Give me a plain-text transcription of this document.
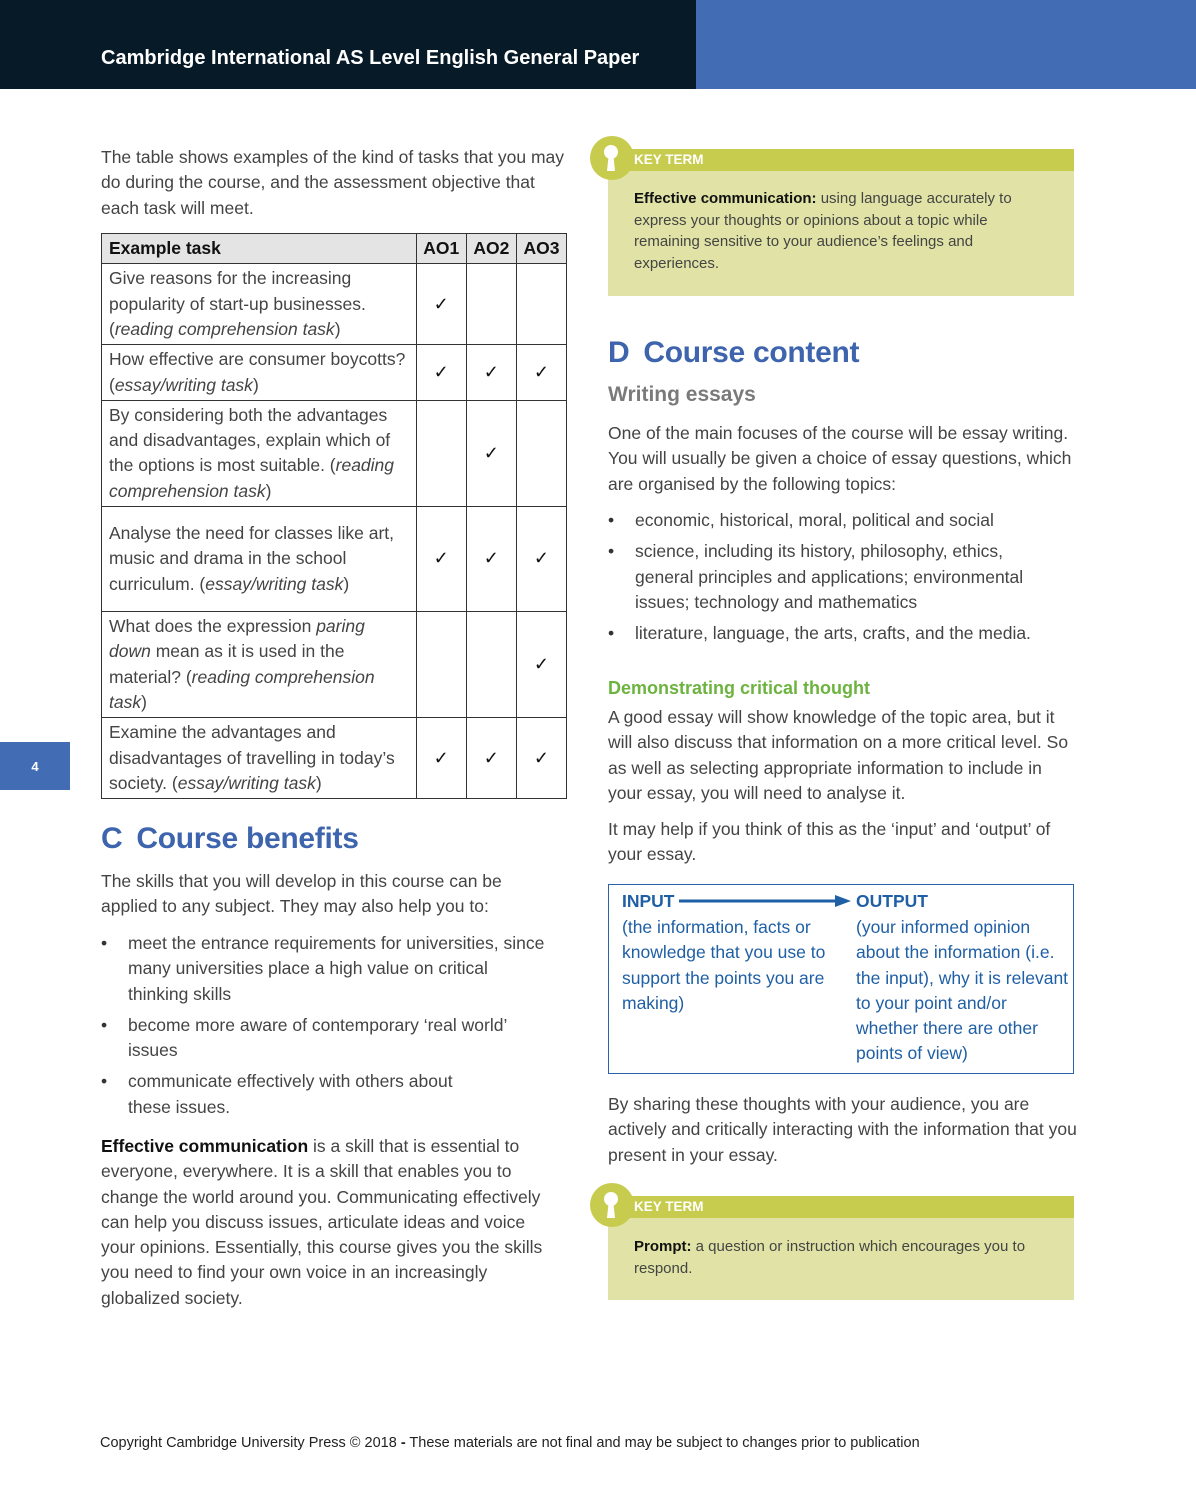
Cambridge International AS Level English General Paper
4

The table shows examples of the kind of tasks that you may do during the course, and the assessment objective that each task will meet.

Example task	AO1	AO2	AO3
Give reasons for the increasing popularity of start-up businesses. (reading comprehension task)	✓		
How effective are consumer boycotts? (essay/writing task)	✓	✓	✓
By considering both the advantages and disadvantages, explain which of the options is most suitable. (reading comprehension task)		✓	
Analyse the need for classes like art, music and drama in the school curriculum. (essay/writing task)	✓	✓	✓
What does the expression paring down mean as it is used in the material? (reading comprehension task)			✓
Examine the advantages and disadvantages of travelling in today’s society. (essay/writing task)	✓	✓	✓
C Course benefits

The skills that you will develop in this course can be applied to any subject. They may also help you to:

• meet the entrance requirements for universities, since many universities place a high value on critical thinking skills
• become more aware of contemporary ‘real world’ issues
• communicate effectively with others about these issues.

Effective communication is a skill that is essential to everyone, everywhere. It is a skill that enables you to change the world around you. Communicating effectively can help you discuss issues, articulate ideas and voice your opinions. Essentially, this course gives you the skills you need to find your own voice in an increasingly globalized society.

KEY TERM
Effective communication: using language accurately to express your thoughts or opinions about a topic while remaining sensitive to your audience’s feelings and experiences.
D Course content
Writing essays

One of the main focuses of the course will be essay writing. You will usually be given a choice of essay questions, which are organised by the following topics:

• economic, historical, moral, political and social
• science, including its history, philosophy, ethics, general principles and applications; environmental issues; technology and mathematics
• literature, language, the arts, crafts, and the media.
Demonstrating critical thought

A good essay will show knowledge of the topic area, but it will also discuss that information on a more critical level. So as well as selecting appropriate information to include in your essay, you will need to analyse it.

It may help if you think of this as the ‘input’ and ‘output’ of your essay.

INPUT	OUTPUT
(the information, facts or knowledge that you use to support the points you are making)
(your informed opinion about the information (i.e. the input), why it is relevant to your point and/or whether there are other points of view)

By sharing these thoughts with your audience, you are actively and critically interacting with the information that you present in your essay.

KEY TERM
Prompt: a question or instruction which encourages you to respond.
Copyright Cambridge University Press © 2018 - These materials are not final and may be subject to changes prior to publication
